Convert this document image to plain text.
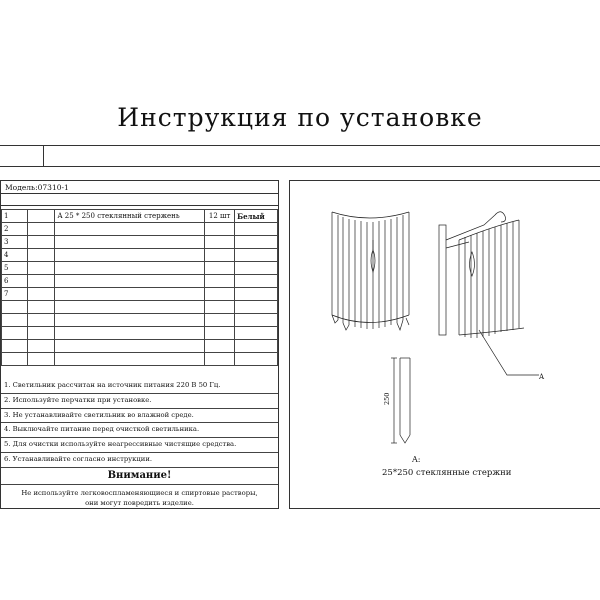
Инструкция по установке
Модель:07310-1
1		A 25 * 250 стеклянный стержень	12 шт	Белый
2				
3				
4				
5				
6				
7				

1. Светильник рассчитан на источник питания 220 В 50 Гц.
2. Используйте перчатки при установке.
3. Не устанавливайте светильник во влажной среде.
4. Выключайте питание перед очисткой светильника.
5. Для очистки используйте неагрессивные чистящие средства.
6. Устанавливайте согласно инструкции.
Внимание!
Не используйте легковоспламеняющиеся и спиртовые растворы,
они могут повредить изделие.
A
250
A:
25*250 стеклянные стержни
